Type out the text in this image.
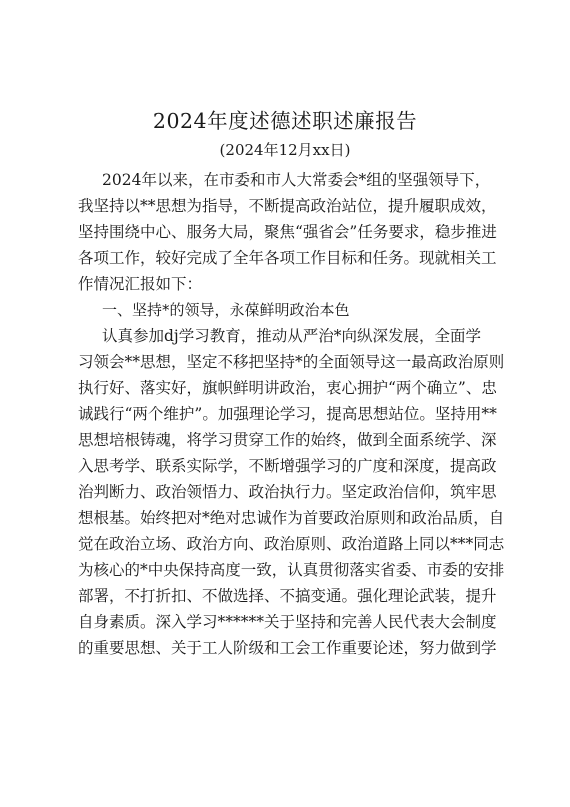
2024年度述德述职述廉报告
(2024年12月xx日)
2024年以来，在市委和市人大常委会*组的坚强领导下，
我坚持以**思想为指导，不断提高政治站位，提升履职成效，
坚持围绕中心、服务大局，聚焦“强省会”任务要求，稳步推进
各项工作，较好完成了全年各项工作目标和任务。现就相关工
作情况汇报如下：
一、坚持*的领导，永葆鲜明政治本色
认真参加dj学习教育，推动从严治*向纵深发展，全面学
习领会**思想，坚定不移把坚持*的全面领导这一最高政治原则
执行好、落实好，旗帜鲜明讲政治，衷心拥护“两个确立”、忠
诚践行“两个维护”。加强理论学习，提高思想站位。坚持用**
思想培根铸魂，将学习贯穿工作的始终，做到全面系统学、深
入思考学、联系实际学，不断增强学习的广度和深度，提高政
治判断力、政治领悟力、政治执行力。坚定政治信仰，筑牢思
想根基。始终把对*绝对忠诚作为首要政治原则和政治品质，自
觉在政治立场、政治方向、政治原则、政治道路上同以***同志
为核心的*中央保持高度一致，认真贯彻落实省委、市委的安排
部署，不打折扣、不做选择、不搞变通。强化理论武装，提升
自身素质。深入学习******关于坚持和完善人民代表大会制度
的重要思想、关于工人阶级和工会工作重要论述，努力做到学
